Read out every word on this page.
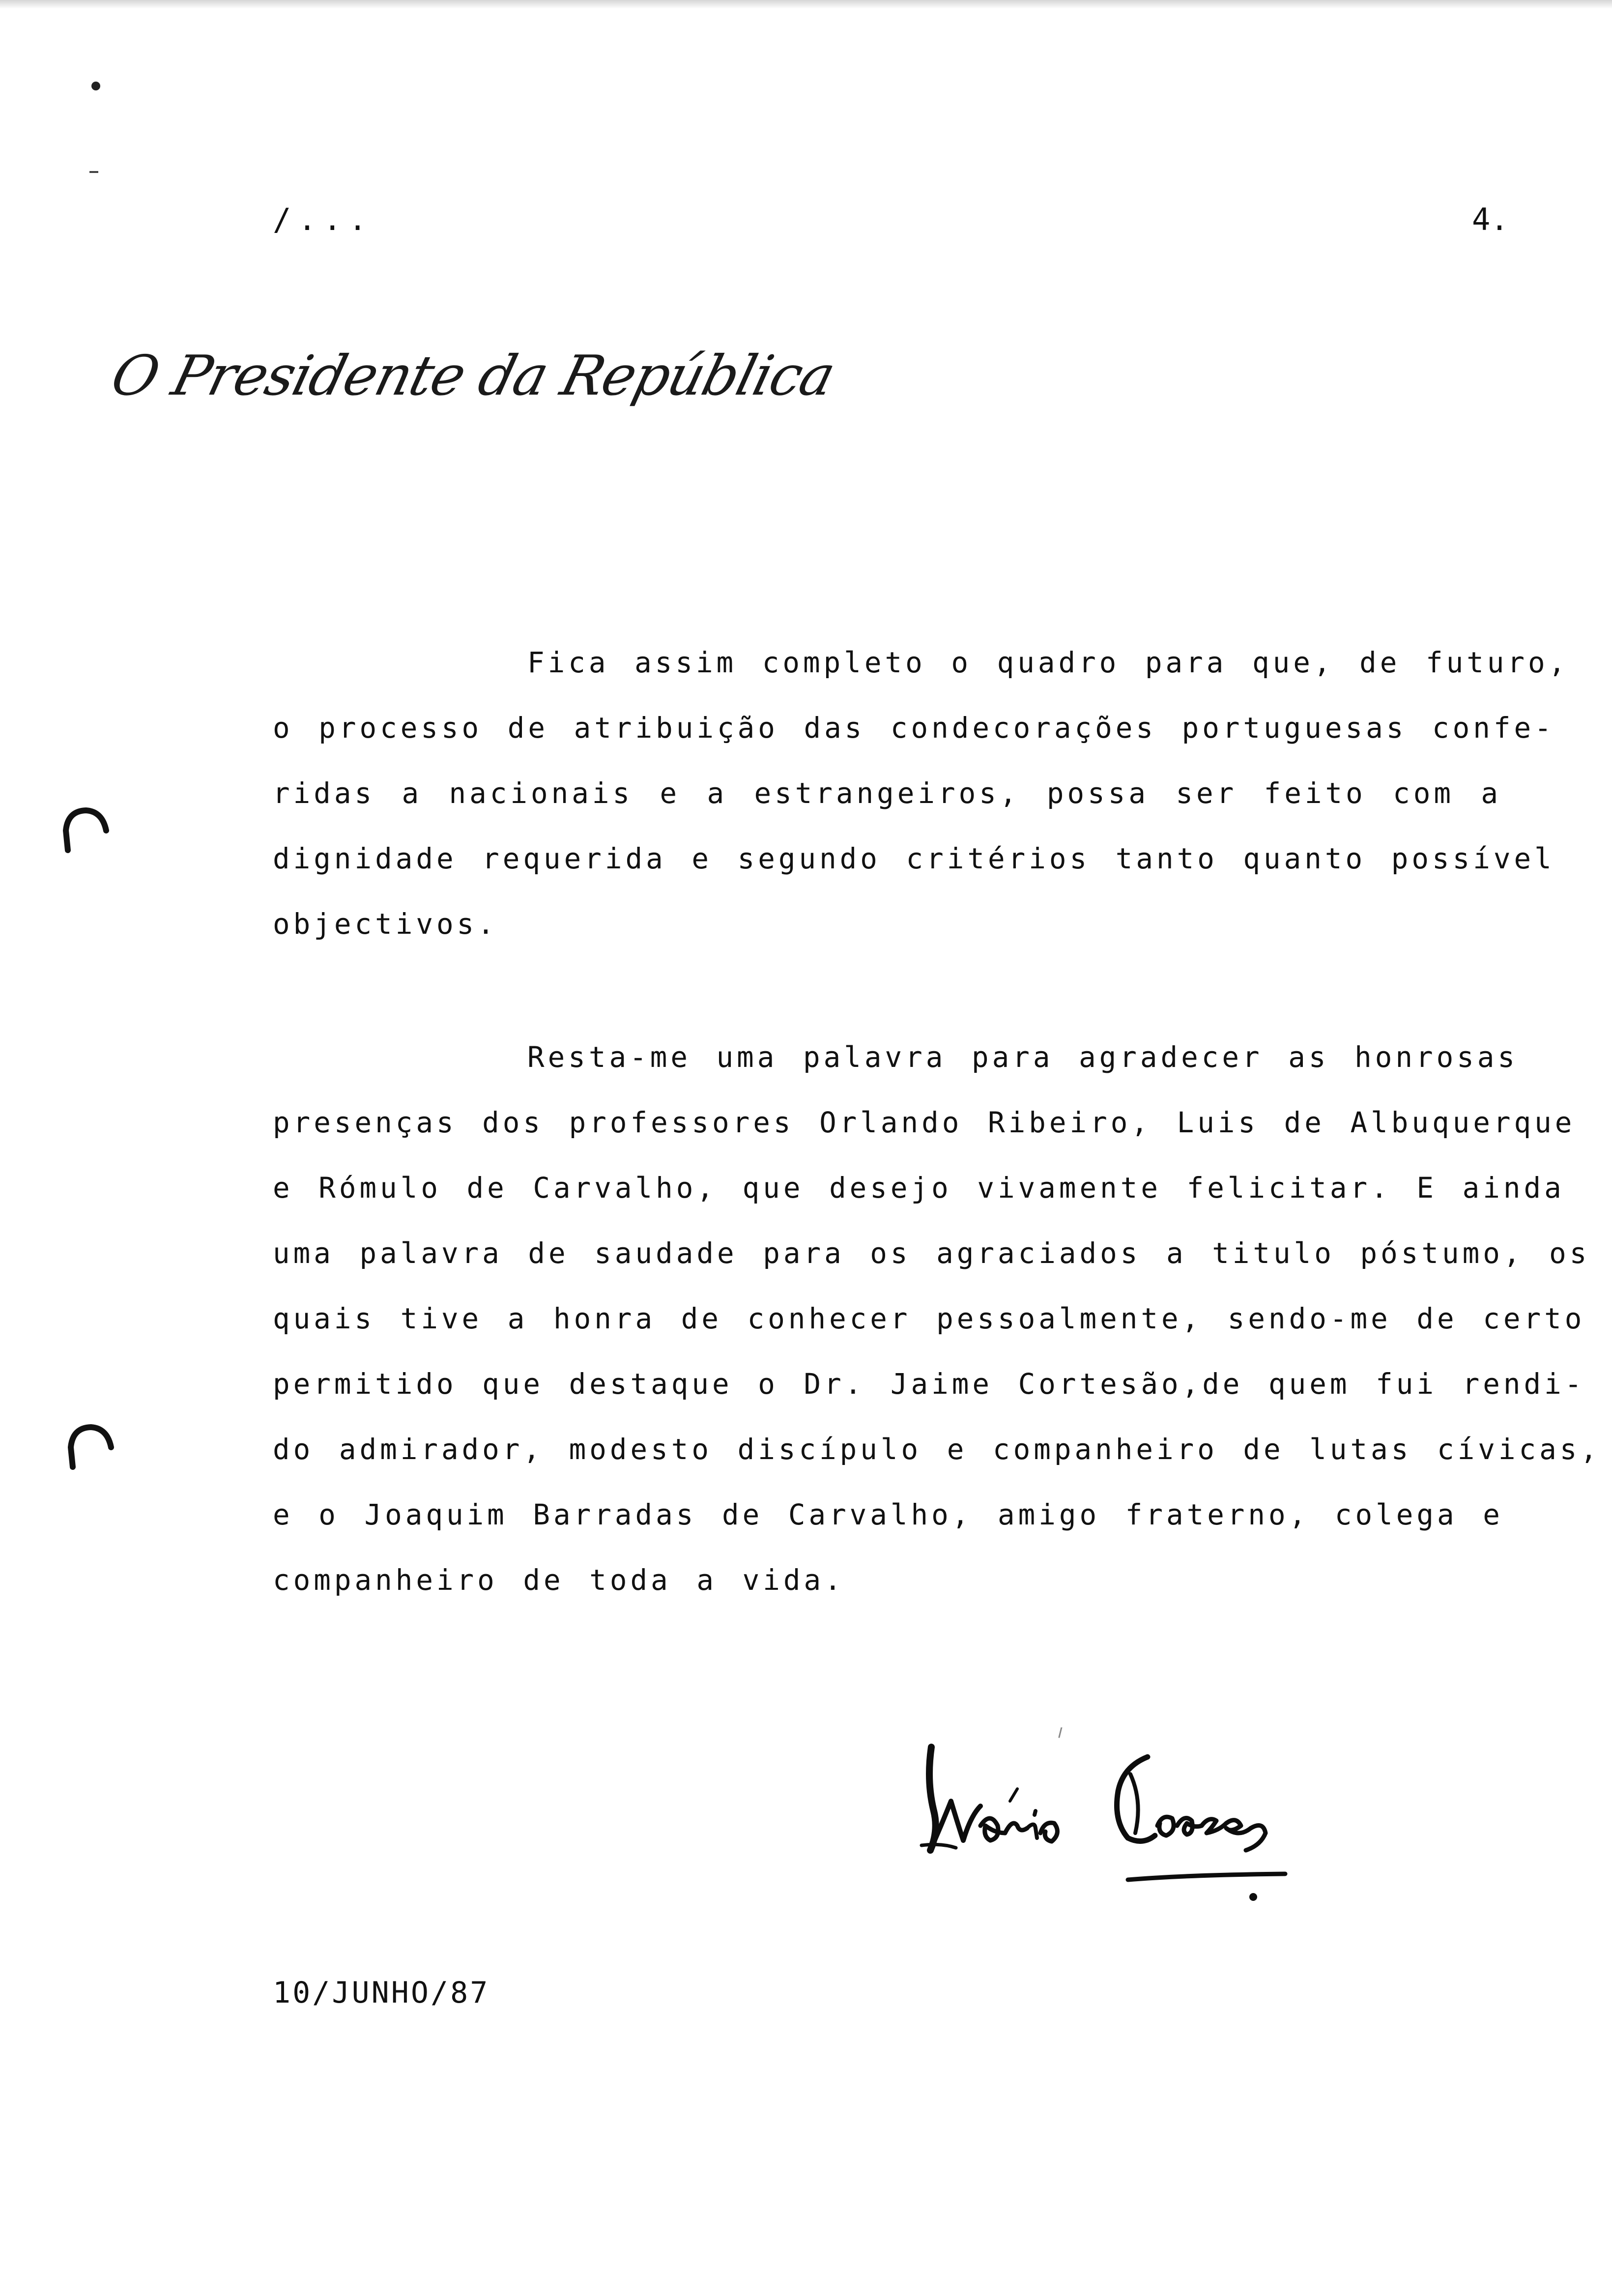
/...	4.
O Presidente da República
Fica assim completo o quadro para que, de futuro,
o processo de atribuição das condecorações portuguesas confe-
ridas a nacionais e a estrangeiros, possa ser feito com a
dignidade requerida e segundo critérios tanto quanto possível
objectivos.
Resta-me uma palavra para agradecer as honrosas
presenças dos professores Orlando Ribeiro, Luis de Albuquerque
e Rómulo de Carvalho, que desejo vivamente felicitar. E ainda
uma palavra de saudade para os agraciados a titulo póstumo, os
quais tive a honra de conhecer pessoalmente, sendo-me de certo
permitido que destaque o Dr. Jaime Cortesão,de quem fui rendi-
do admirador, modesto discípulo e companheiro de lutas cívicas,
e o Joaquim Barradas de Carvalho, amigo fraterno, colega e
companheiro de toda a vida.
10/JUNHO/87
